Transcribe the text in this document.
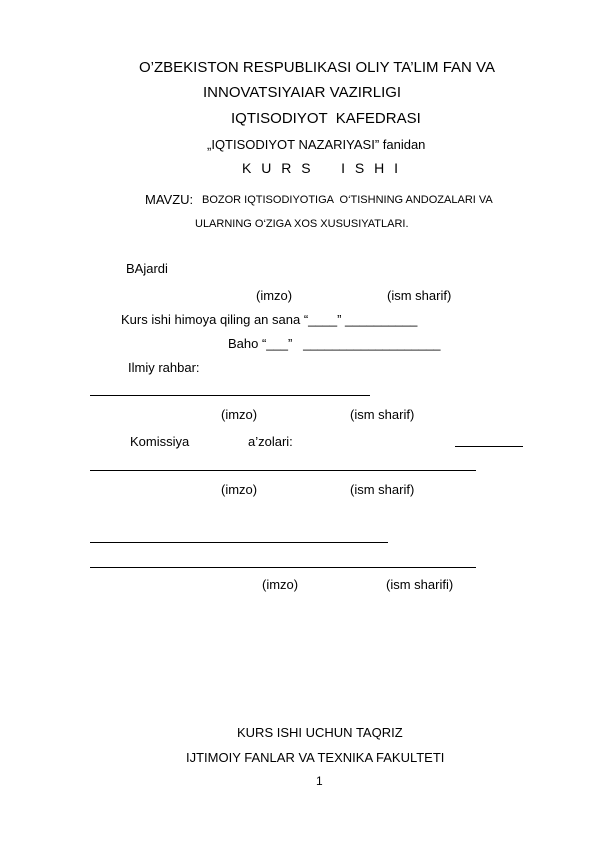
O’ZBEKISTON RESPUBLIKASI OLIY TA’LIM FAN VA
INNOVATSIYAIAR VAZIRLIGI
IQTISODIYOT  KAFEDRASI
„IQTISODIYOT NAZARIYASI” fanidan
K U R S    I S H I
MAVZU: BOZOR IQTISODIYOTIGA  O‘TISHNING ANDOZALARI VA
ULARNING O‘ZIGA XOS XUSUSIYATLARI.
BAjardi
(imzo)	(ism sharif)
Kurs ishi himoya qiling an sana “____” __________
Baho “___”   ___________________
Ilmiy rahbar:
(imzo)	(ism sharif)
Komissiya	a’zolari:
(imzo)	(ism sharif)
(imzo)	(ism sharifi)
KURS ISHI UCHUN TAQRIZ
IJTIMOIY FANLAR VA TEXNIKA FAKULTETI
1
